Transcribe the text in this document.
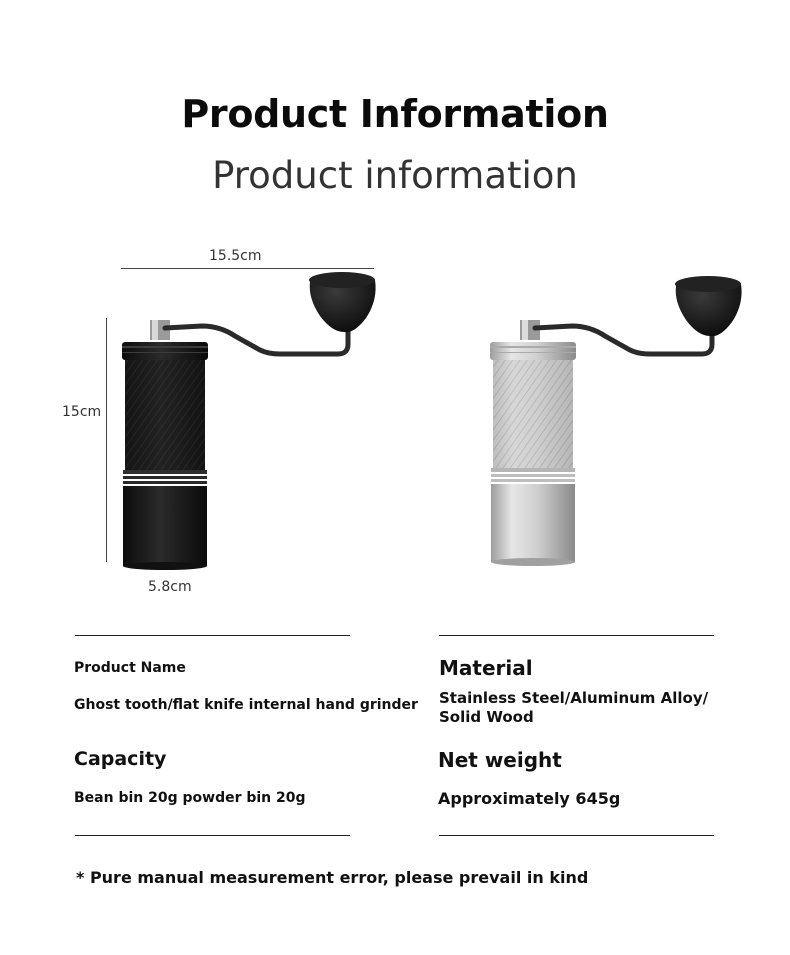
Product Information
Product information
15.5cm
15cm
5.8cm
Product Name
Ghost tooth/flat knife internal hand grinder
Material
Stainless Steel/Aluminum Alloy/
Solid Wood
Capacity
Bean bin 20g powder bin 20g
Net weight
Approximately 645g
* Pure manual measurement error, please prevail in kind
